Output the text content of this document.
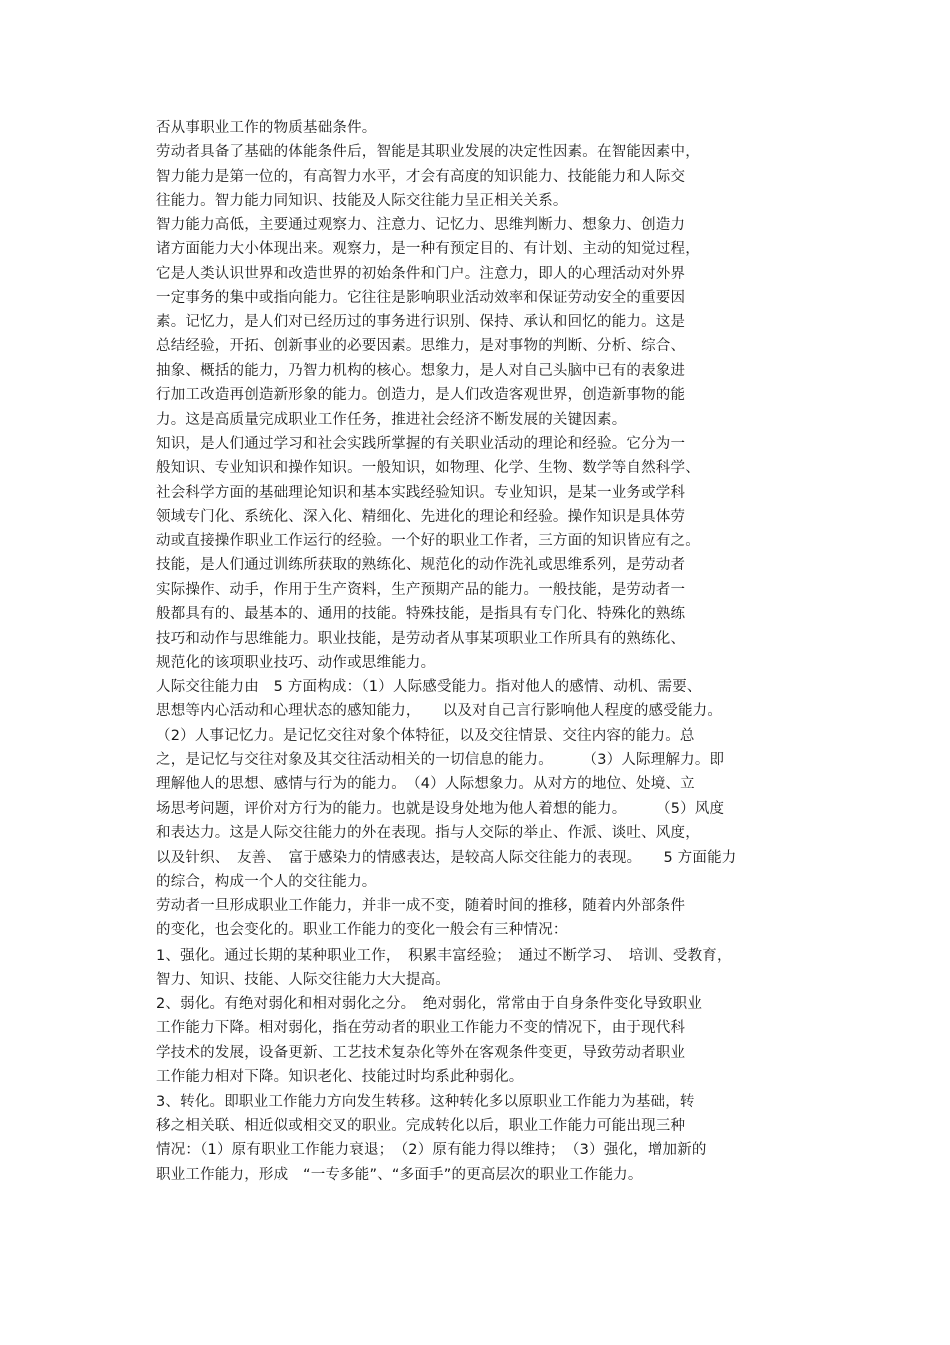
否从事职业工作的物质基础条件。
劳动者具备了基础的体能条件后，智能是其职业发展的决定性因素。在智能因素中，
智力能力是第一位的，有高智力水平，才会有高度的知识能力、技能能力和人际交
往能力。智力能力同知识、技能及人际交往能力呈正相关关系。
智力能力高低，主要通过观察力、注意力、记忆力、思维判断力、想象力、创造力
诸方面能力大小体现出来。观察力，是一种有预定目的、有计划、主动的知觉过程，
它是人类认识世界和改造世界的初始条件和门户。注意力，即人的心理活动对外界
一定事务的集中或指向能力。它往往是影响职业活动效率和保证劳动安全的重要因
素。记忆力，是人们对已经历过的事务进行识别、保持、承认和回忆的能力。这是
总结经验，开拓、创新事业的必要因素。思维力，是对事物的判断、分析、综合、
抽象、概括的能力，乃智力机构的核心。想象力，是人对自己头脑中已有的表象进
行加工改造再创造新形象的能力。创造力，是人们改造客观世界，创造新事物的能
力。这是高质量完成职业工作任务，推进社会经济不断发展的关键因素。
知识，是人们通过学习和社会实践所掌握的有关职业活动的理论和经验。它分为一
般知识、专业知识和操作知识。一般知识，如物理、化学、生物、数学等自然科学、
社会科学方面的基础理论知识和基本实践经验知识。专业知识，是某一业务或学科
领域专门化、系统化、深入化、精细化、先进化的理论和经验。操作知识是具体劳
动或直接操作职业工作运行的经验。一个好的职业工作者，三方面的知识皆应有之。
技能，是人们通过训练所获取的熟练化、规范化的动作洗礼或思维系列，是劳动者
实际操作、动手，作用于生产资料，生产预期产品的能力。一般技能，是劳动者一
般都具有的、最基本的、通用的技能。特殊技能，是指具有专门化、特殊化的熟练
技巧和动作与思维能力。职业技能，是劳动者从事某项职业工作所具有的熟练化、
规范化的该项职业技巧、动作或思维能力。
人际交往能力由　5 方面构成：（1）人际感受能力。指对他人的感情、动机、需要、
思想等内心活动和心理状态的感知能力，　　以及对自己言行影响他人程度的感受能力。
（2）人事记忆力。是记忆交往对象个体特征，以及交往情景、交往内容的能力。总
之，是记忆与交往对象及其交往活动相关的一切信息的能力。　　　（3）人际理解力。即
理解他人的思想、感情与行为的能力。　（4）人际想象力。从对方的地位、处境、立
场思考问题，评价对方行为的能力。也就是设身处地为他人着想的能力。　　　（5）风度
和表达力。这是人际交往能力的外在表现。指与人交际的举止、作派、谈吐、风度，
以及针织、　友善、　富于感染力的情感表达，是较高人际交往能力的表现。　　5 方面能力
的综合，构成一个人的交往能力。
劳动者一旦形成职业工作能力，并非一成不变，随着时间的推移，随着内外部条件
的变化，也会变化的。职业工作能力的变化一般会有三种情况：
1、强化。通过长期的某种职业工作，　积累丰富经验；　通过不断学习、　培训、受教育，
智力、知识、技能、人际交往能力大大提高。
2、弱化。有绝对弱化和相对弱化之分。　绝对弱化，常常由于自身条件变化导致职业
工作能力下降。相对弱化，指在劳动者的职业工作能力不变的情况下，由于现代科
学技术的发展，设备更新、工艺技术复杂化等外在客观条件变更，导致劳动者职业
工作能力相对下降。知识老化、技能过时均系此种弱化。
3、转化。即职业工作能力方向发生转移。这种转化多以原职业工作能力为基础，转
移之相关联、相近似或相交叉的职业。完成转化以后，职业工作能力可能出现三种
情况：（1）原有职业工作能力衰退；　（2）原有能力得以维持；　（3）强化，增加新的
职业工作能力，形成　“一专多能”、“多面手”的更高层次的职业工作能力。
